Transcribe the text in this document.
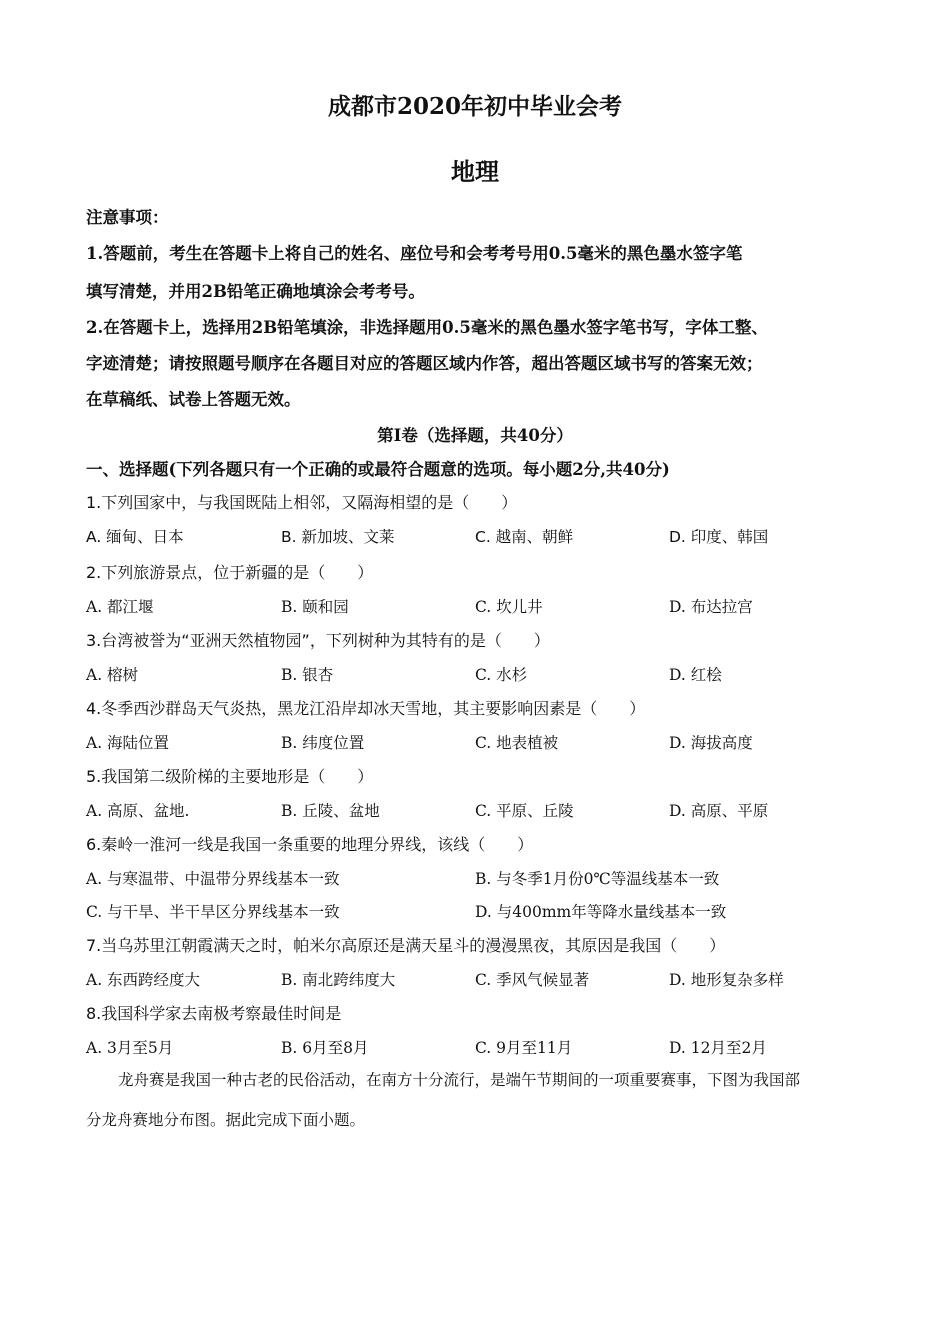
成都市2020年初中毕业会考
地理
注意事项：
1.答题前，考生在答题卡上将自己的姓名、座位号和会考考号用0.5毫米的黑色墨水签字笔
填写清楚，并用2B铅笔正确地填涂会考考号。
2.在答题卡上，选择用2B铅笔填涂，非选择题用0.5毫米的黑色墨水签字笔书写，字体工整、
字迹清楚；请按照题号顺序在各题目对应的答题区域内作答，超出答题区域书写的答案无效；
在草稿纸、试卷上答题无效。
第Ⅰ卷（选择题，共40分）
一、选择题(下列各题只有一个正确的或最符合题意的选项。每小题2分,共40分)
1.下列国家中，与我国既陆上相邻，又隔海相望的是（　　）
A. 缅甸、日本	B. 新加坡、文莱	C. 越南、朝鲜	D. 印度、韩国
2.下列旅游景点，位于新疆的是（　　）
A. 都江堰	B. 颐和园	C. 坎儿井	D. 布达拉宫
3.台湾被誉为“亚洲天然植物园”，下列树种为其特有的是（　　）
A. 榕树	B. 银杏	C. 水杉	D. 红桧
4.冬季西沙群岛天气炎热，黑龙江沿岸却冰天雪地，其主要影响因素是（　　）
A. 海陆位置	B. 纬度位置	C. 地表植被	D. 海拔高度
5.我国第二级阶梯的主要地形是（　　）
A. 高原、盆地.	B. 丘陵、盆地	C. 平原、丘陵	D. 高原、平原
6.秦岭一淮河一线是我国一条重要的地理分界线，该线（　　）
A. 与寒温带、中温带分界线基本一致	B. 与冬季1月份0℃等温线基本一致
C. 与干旱、半干旱区分界线基本一致	D. 与400mm年等降水量线基本一致
7.当乌苏里江朝霞满天之时，帕米尔高原还是满天星斗的漫漫黑夜，其原因是我国（　　）
A. 东西跨经度大	B. 南北跨纬度大	C. 季风气候显著	D. 地形复杂多样
8.我国科学家去南极考察最佳时间是
A. 3月至5月	B. 6月至8月	C. 9月至11月	D. 12月至2月
龙舟赛是我国一种古老的民俗活动，在南方十分流行，是端午节期间的一项重要赛事，下图为我国部
分龙舟赛地分布图。据此完成下面小题。
